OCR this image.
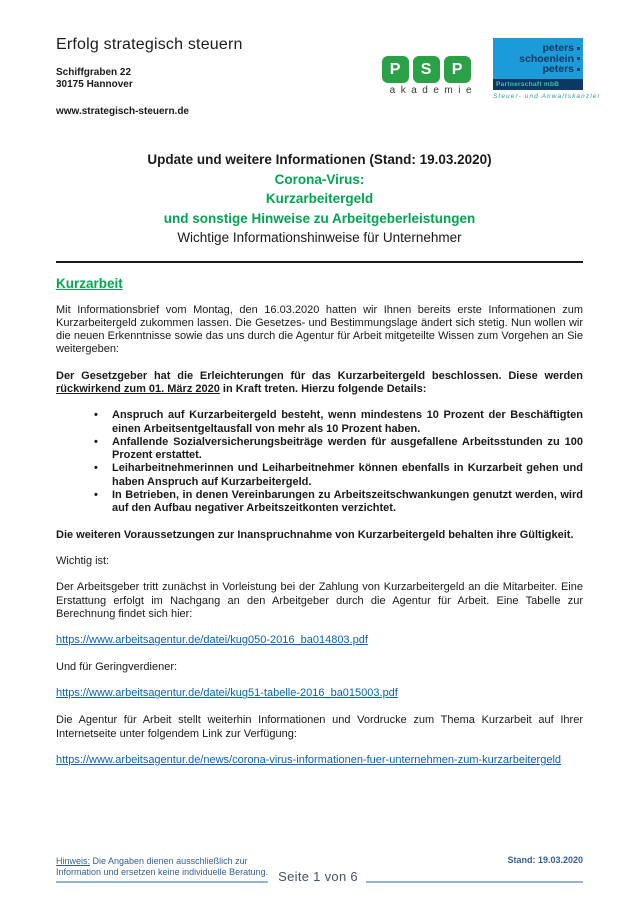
Erfolg strategisch steuern
Schiffgraben 22
30175 Hannover
www.strategisch-steuern.de
P	S	P
akademie
peters
schoenlein
peters
Partnerschaft mbB
Steuer- und Anwaltskanzlei
Update und weitere Informationen (Stand: 19.03.2020)
Corona-Virus:
Kurzarbeitergeld
und sonstige Hinweise zu Arbeitgeberleistungen
Wichtige Informationshinweise für Unternehmer
Kurzarbeit

Mit Informationsbrief vom Montag, den 16.03.2020 hatten wir Ihnen bereits erste Informationen zum Kurzarbeitergeld zukommen lassen. Die Gesetzes- und Bestimmungslage ändert sich stetig. Nun wollen wir die neuen Erkenntnisse sowie das uns durch die Agentur für Arbeit mitgeteilte Wissen zum Vorgehen an Sie weitergeben:

Der Gesetzgeber hat die Erleichterungen für das Kurzarbeitergeld beschlossen. Diese werden rückwirkend zum 01. März 2020 in Kraft treten. Hierzu folgende Details:

•	Anspruch auf Kurzarbeitergeld besteht, wenn mindestens 10 Prozent der Beschäftigten einen Arbeitsentgeltausfall von mehr als 10 Prozent haben.
•	Anfallende Sozialversicherungsbeiträge werden für ausgefallene Arbeitsstunden zu 100 Prozent erstattet.
•	Leiharbeitnehmerinnen und Leiharbeitnehmer können ebenfalls in Kurzarbeit gehen und haben Anspruch auf Kurzarbeitergeld.
•	In Betrieben, in denen Vereinbarungen zu Arbeitszeitschwankungen genutzt werden, wird auf den Aufbau negativer Arbeitszeitkonten verzichtet.

Die weiteren Voraussetzungen zur Inanspruchnahme von Kurzarbeitergeld behalten ihre Gültigkeit.

Wichtig ist:

Der Arbeitsgeber tritt zunächst in Vorleistung bei der Zahlung von Kurzarbeitergeld an die Mitarbeiter. Eine Erstattung erfolgt im Nachgang an den Arbeitgeber durch die Agentur für Arbeit. Eine Tabelle zur Berechnung findet sich hier:

https://www.arbeitsagentur.de/datei/kug050-2016_ba014803.pdf

Und für Geringverdiener:

https://www.arbeitsagentur.de/datei/kug51-tabelle-2016_ba015003.pdf

Die Agentur für Arbeit stellt weiterhin Informationen und Vordrucke zum Thema Kurzarbeit auf Ihrer Internetseite unter folgendem Link zur Verfügung:

https://www.arbeitsagentur.de/news/corona-virus-informationen-fuer-unternehmen-zum-kurzarbeitergeld
Stand: 19.03.2020
Hinweis: Die Angaben dienen ausschließlich zur
Information und ersetzen keine individuelle Beratung. Seite 1 von 6
